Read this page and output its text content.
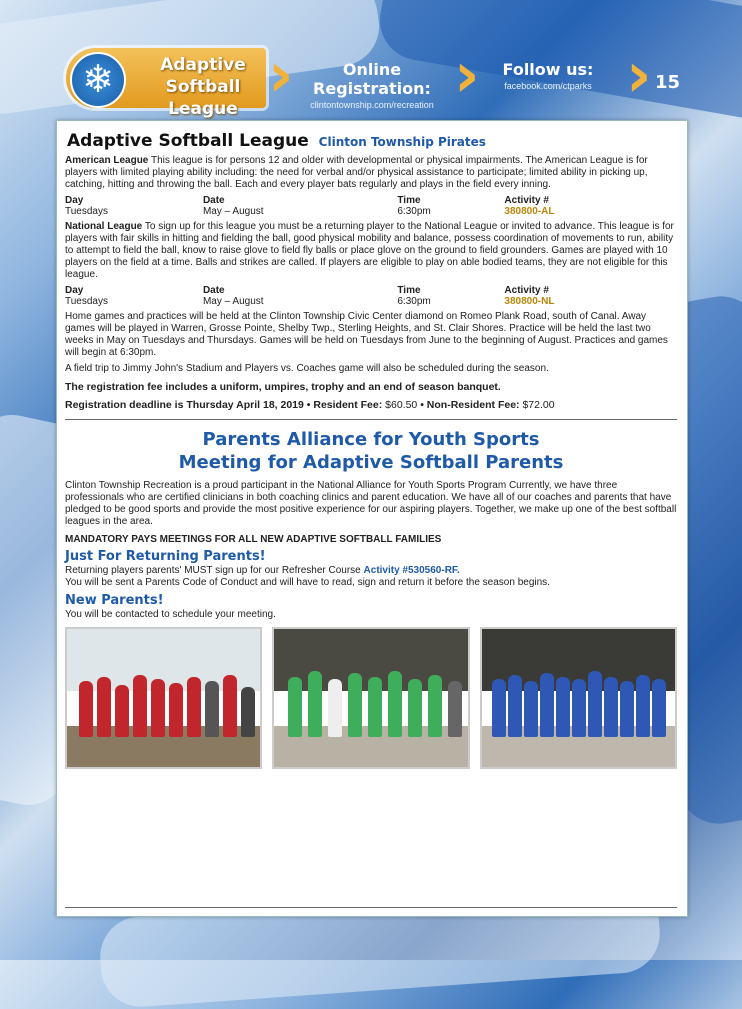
❄	Adaptive
Softball League ›	Online Registration:
clintontownship.com/recreation ›	Follow us:
facebook.com/ctparks › 15
Adaptive Softball League Clinton Township Pirates

American League This league is for persons 12 and older with developmental or physical impairments. The American League is for players with limited playing ability including: the need for verbal and/or physical assistance to participate; limited ability in picking up, catching, hitting and throwing the ball. Each and every player bats regularly and plays in the field every inning.

Day	Date	Time	Activity #
Tuesdays	May – August	6:30pm	380800-AL

National League To sign up for this league you must be a returning player to the National League or invited to advance. This league is for players with fair skills in hitting and fielding the ball, good physical mobility and balance, possess coordination of movements to run, ability to attempt to field the ball, know to raise glove to field fly balls or place glove on the ground to field grounders. Games are played with 10 players on the field at a time. Balls and strikes are called. If players are eligible to play on able bodied teams, they are not eligible for this league.

Day	Date	Time	Activity #
Tuesdays	May – August	6:30pm	380800-NL

Home games and practices will be held at the Clinton Township Civic Center diamond on Romeo Plank Road, south of Canal. Away games will be played in Warren, Grosse Pointe, Shelby Twp., Sterling Heights, and St. Clair Shores. Practice will be held the last two weeks in May on Tuesdays and Thursdays. Games will be held on Tuesdays from June to the beginning of August. Practices and games will begin at 6:30pm.

A field trip to Jimmy John's Stadium and Players vs. Coaches game will also be scheduled during the season.

The registration fee includes a uniform, umpires, trophy and an end of season banquet.
Registration deadline is Thursday April 18, 2019 • Resident Fee: $60.50 • Non-Resident Fee: $72.00
Parents Alliance for Youth Sports
Meeting for Adaptive Softball Parents

Clinton Township Recreation is a proud participant in the National Alliance for Youth Sports Program Currently, we have three professionals who are certified clinicians in both coaching clinics and parent education. We have all of our coaches and parents that have pledged to be good sports and provide the most positive experience for our aspiring players. Together, we make up one of the best softball leagues in the area.

MANDATORY PAYS MEETINGS FOR ALL NEW ADAPTIVE SOFTBALL FAMILIES
Just For Returning Parents!

Returning players parents' MUST sign up for our Refresher Course Activity #530560-RF.
You will be sent a Parents Code of Conduct and will have to read, sign and return it before the season begins.

New Parents!

You will be contacted to schedule your meeting.
